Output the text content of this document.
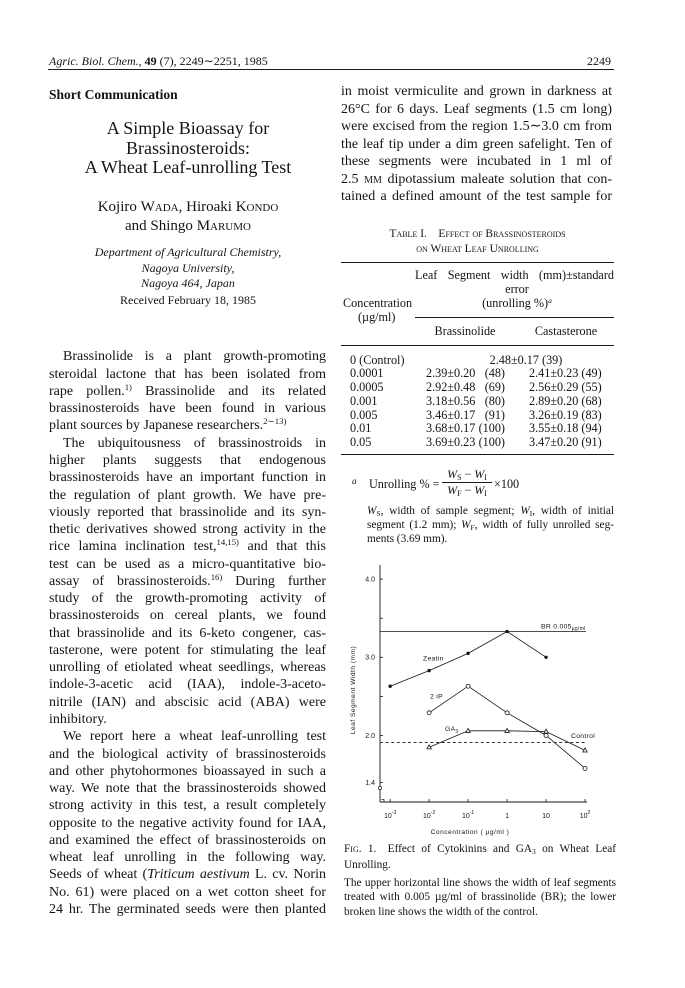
Agric. Biol. Chem., 49 (7), 2249∼2251, 1985	2249
Short Communication
A Simple Bioassay for
Brassinosteroids:
A Wheat Leaf-unrolling Test
Kojiro Wada, Hiroaki Kondo
and Shingo Marumo
Department of Agricultural Chemistry,
Nagoya University,
Nagoya 464, Japan
Received February 18, 1985
Brassinolide is a plant growth-promoting
steroidal lactone that has been isolated from
rape pollen.$^{1)}$ Brassinolide and its related
brassinosteroids have been found in various
plant sources by Japanese researchers.$^{2\sim 13)}$
The ubiquitousness of brassinostroids in
higher plants suggests that endogenous
brassinosteroids have an important function in
the regulation of plant growth. We have pre-
viously reported that brassinolide and its syn-
thetic derivatives showed strong activity in the
rice lamina inclination test,$^{14,15)}$ and that this
test can be used as a micro-quantitative bio-
assay of brassinosteroids.$^{16)}$ During further
study of the growth-promoting activity of
brassinosteroids on cereal plants, we found
that brassinolide and its 6-keto congener, cas-
tasterone, were potent for stimulating the leaf
unrolling of etiolated wheat seedlings, whereas
indole-3-acetic acid (IAA), indole-3-aceto-
nitrile (IAN) and abscisic acid (ABA) were
inhibitory.
We report here a wheat leaf-unrolling test
and the biological activity of brassinosteroids
and other phytohormones bioassayed in such a
way. We note that the brassinosteroids showed
strong activity in this test, a result completely
opposite to the negative activity found for IAA,
and examined the effect of brassinosteroids on
wheat leaf unrolling in the following way.
Seeds of wheat (Triticum aestivum L. cv. Norin
No. 61) were placed on a wet cotton sheet for
24 hr. The germinated seeds were then planted
in moist vermiculite and grown in darkness at
26°C for 6 days. Leaf segments (1.5 cm long)
were excised from the region 1.5∼3.0 cm from
the leaf tip under a dim green safelight. Ten of
these segments were incubated in 1 ml of
2.5 mm dipotassium maleate solution that con-
tained a defined amount of the test sample for
Table I.  Effect of Brassinosteroids
on Wheat Leaf Unrolling
Leaf Segment width (mm)±standard
error
(unrolling %)$^a$
Concentration
(µg/ml)
Brassinolide	Castasterone
0 (Control)	2.48±0.17 (39)
0.0001	2.39±0.20 (48) 2.41±0.23 (49)
0.0005	2.92±0.48 (69) 2.56±0.29 (55)
0.001	3.18±0.56 (80) 2.89±0.20 (68)
0.005	3.46±0.17 (91) 3.26±0.19 (83)
0.01	3.68±0.17 (100) 3.55±0.18 (94)
0.05	3.69±0.23 (100) 3.47±0.20 (91)
a Unrolling % =
WS − WI
WF − WI
×100
WS, width of sample segment; WI, width of initial
segment (1.2 mm); WF, width of fully unrolled seg-
ments (3.69 mm).
1.4
2.0
3.0
4.0
$10^{-3}$	$10^{-2}$	$10^{-1}$	1	10	$10^2$
BR 0.005µg/ml
Control
Zeatin
2 iP
$GA_3$
Concentration ( µg/ml )
Leaf Segment Width (mm)
Fig. 1. Effect of Cytokinins and GA3 on Wheat Leaf
Unrolling.
The upper horizontal line shows the width of leaf segments
treated with 0.005 µg/ml of brassinolide (BR); the lower
broken line shows the width of the control.
